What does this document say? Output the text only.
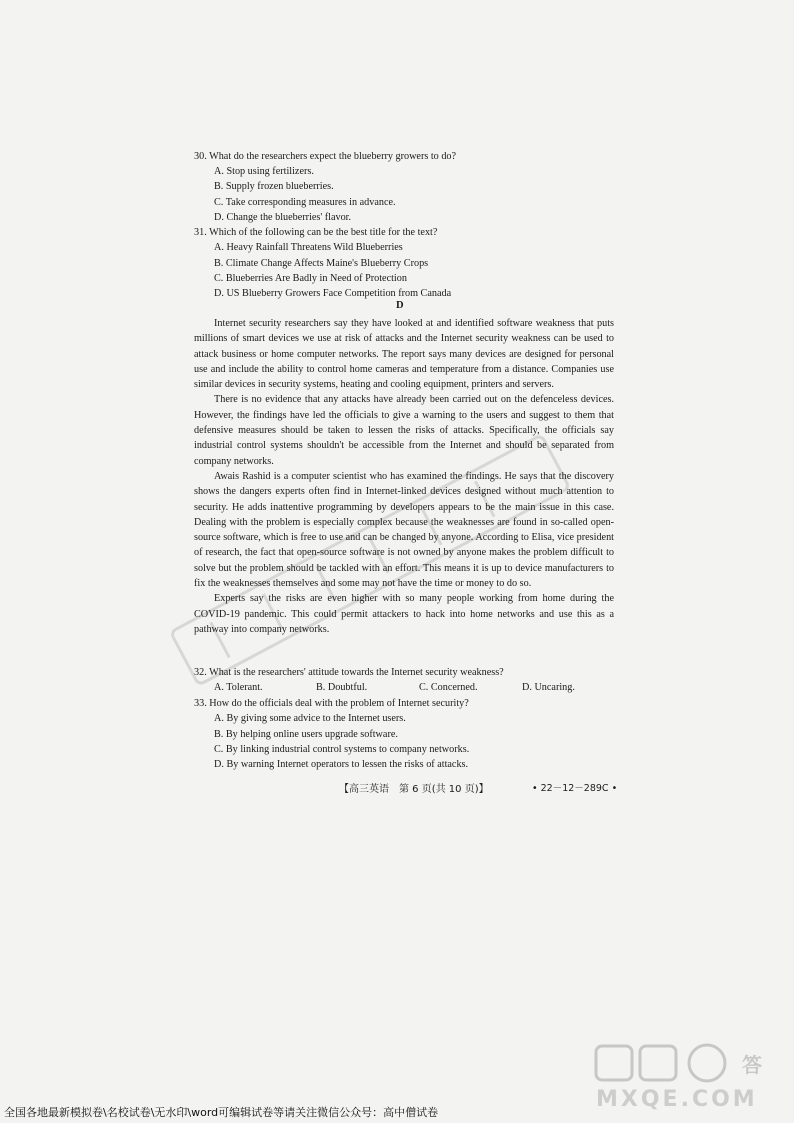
30. What do the researchers expect the blueberry growers to do?
A. Stop using fertilizers.
B. Supply frozen blueberries.
C. Take corresponding measures in advance.
D. Change the blueberries' flavor.
31. Which of the following can be the best title for the text?
A. Heavy Rainfall Threatens Wild Blueberries
B. Climate Change Affects Maine's Blueberry Crops
C. Blueberries Are Badly in Need of Protection
D. US Blueberry Growers Face Competition from Canada
D

Internet security researchers say they have looked at and identified software weakness that puts millions of smart devices we use at risk of attacks and the Internet security weakness can be used to attack business or home computer networks. The report says many devices are designed for personal use and include the ability to control home cameras and temperature from a distance. Companies use similar devices in security systems, heating and cooling equipment, printers and servers.

There is no evidence that any attacks have already been carried out on the defenceless devices. However, the findings have led the officials to give a warning to the users and suggest to them that defensive measures should be taken to lessen the risks of attacks. Specifically, the officials say industrial control systems shouldn't be accessible from the Internet and should be separated from company networks.

Awais Rashid is a computer scientist who has examined the findings. He says that the discovery shows the dangers experts often find in Internet-linked devices designed without much attention to security. He adds inattentive programming by developers appears to be the main issue in this case. Dealing with the problem is especially complex because the weaknesses are found in so-called open-source software, which is free to use and can be changed by anyone. According to Elisa, vice president of research, the fact that open-source software is not owned by anyone makes the problem difficult to solve but the problem should be tackled with an effort. This means it is up to device manufacturers to fix the weaknesses themselves and some may not have the time or money to do so.

Experts say the risks are even higher with so many people working from home during the COVID-19 pandemic. This could permit attackers to hack into home networks and use this as a pathway into company networks.

32. What is the researchers' attitude towards the Internet security weakness?
A. Tolerant.	B. Doubtful.	C. Concerned.	D. Uncaring.
33. How do the officials deal with the problem of Internet security?
A. By giving some advice to the Internet users.
B. By helping online users upgrade software.
C. By linking industrial control systems to company networks.
D. By warning Internet operators to lessen the risks of attacks.
【高三英语　第 6 页(共 10 页)】	• 22－12－289C •
答
MXQE.COM
全国各地最新模拟卷\名校试卷\无水印\word可编辑试卷等请关注微信公众号：高中僧试卷
